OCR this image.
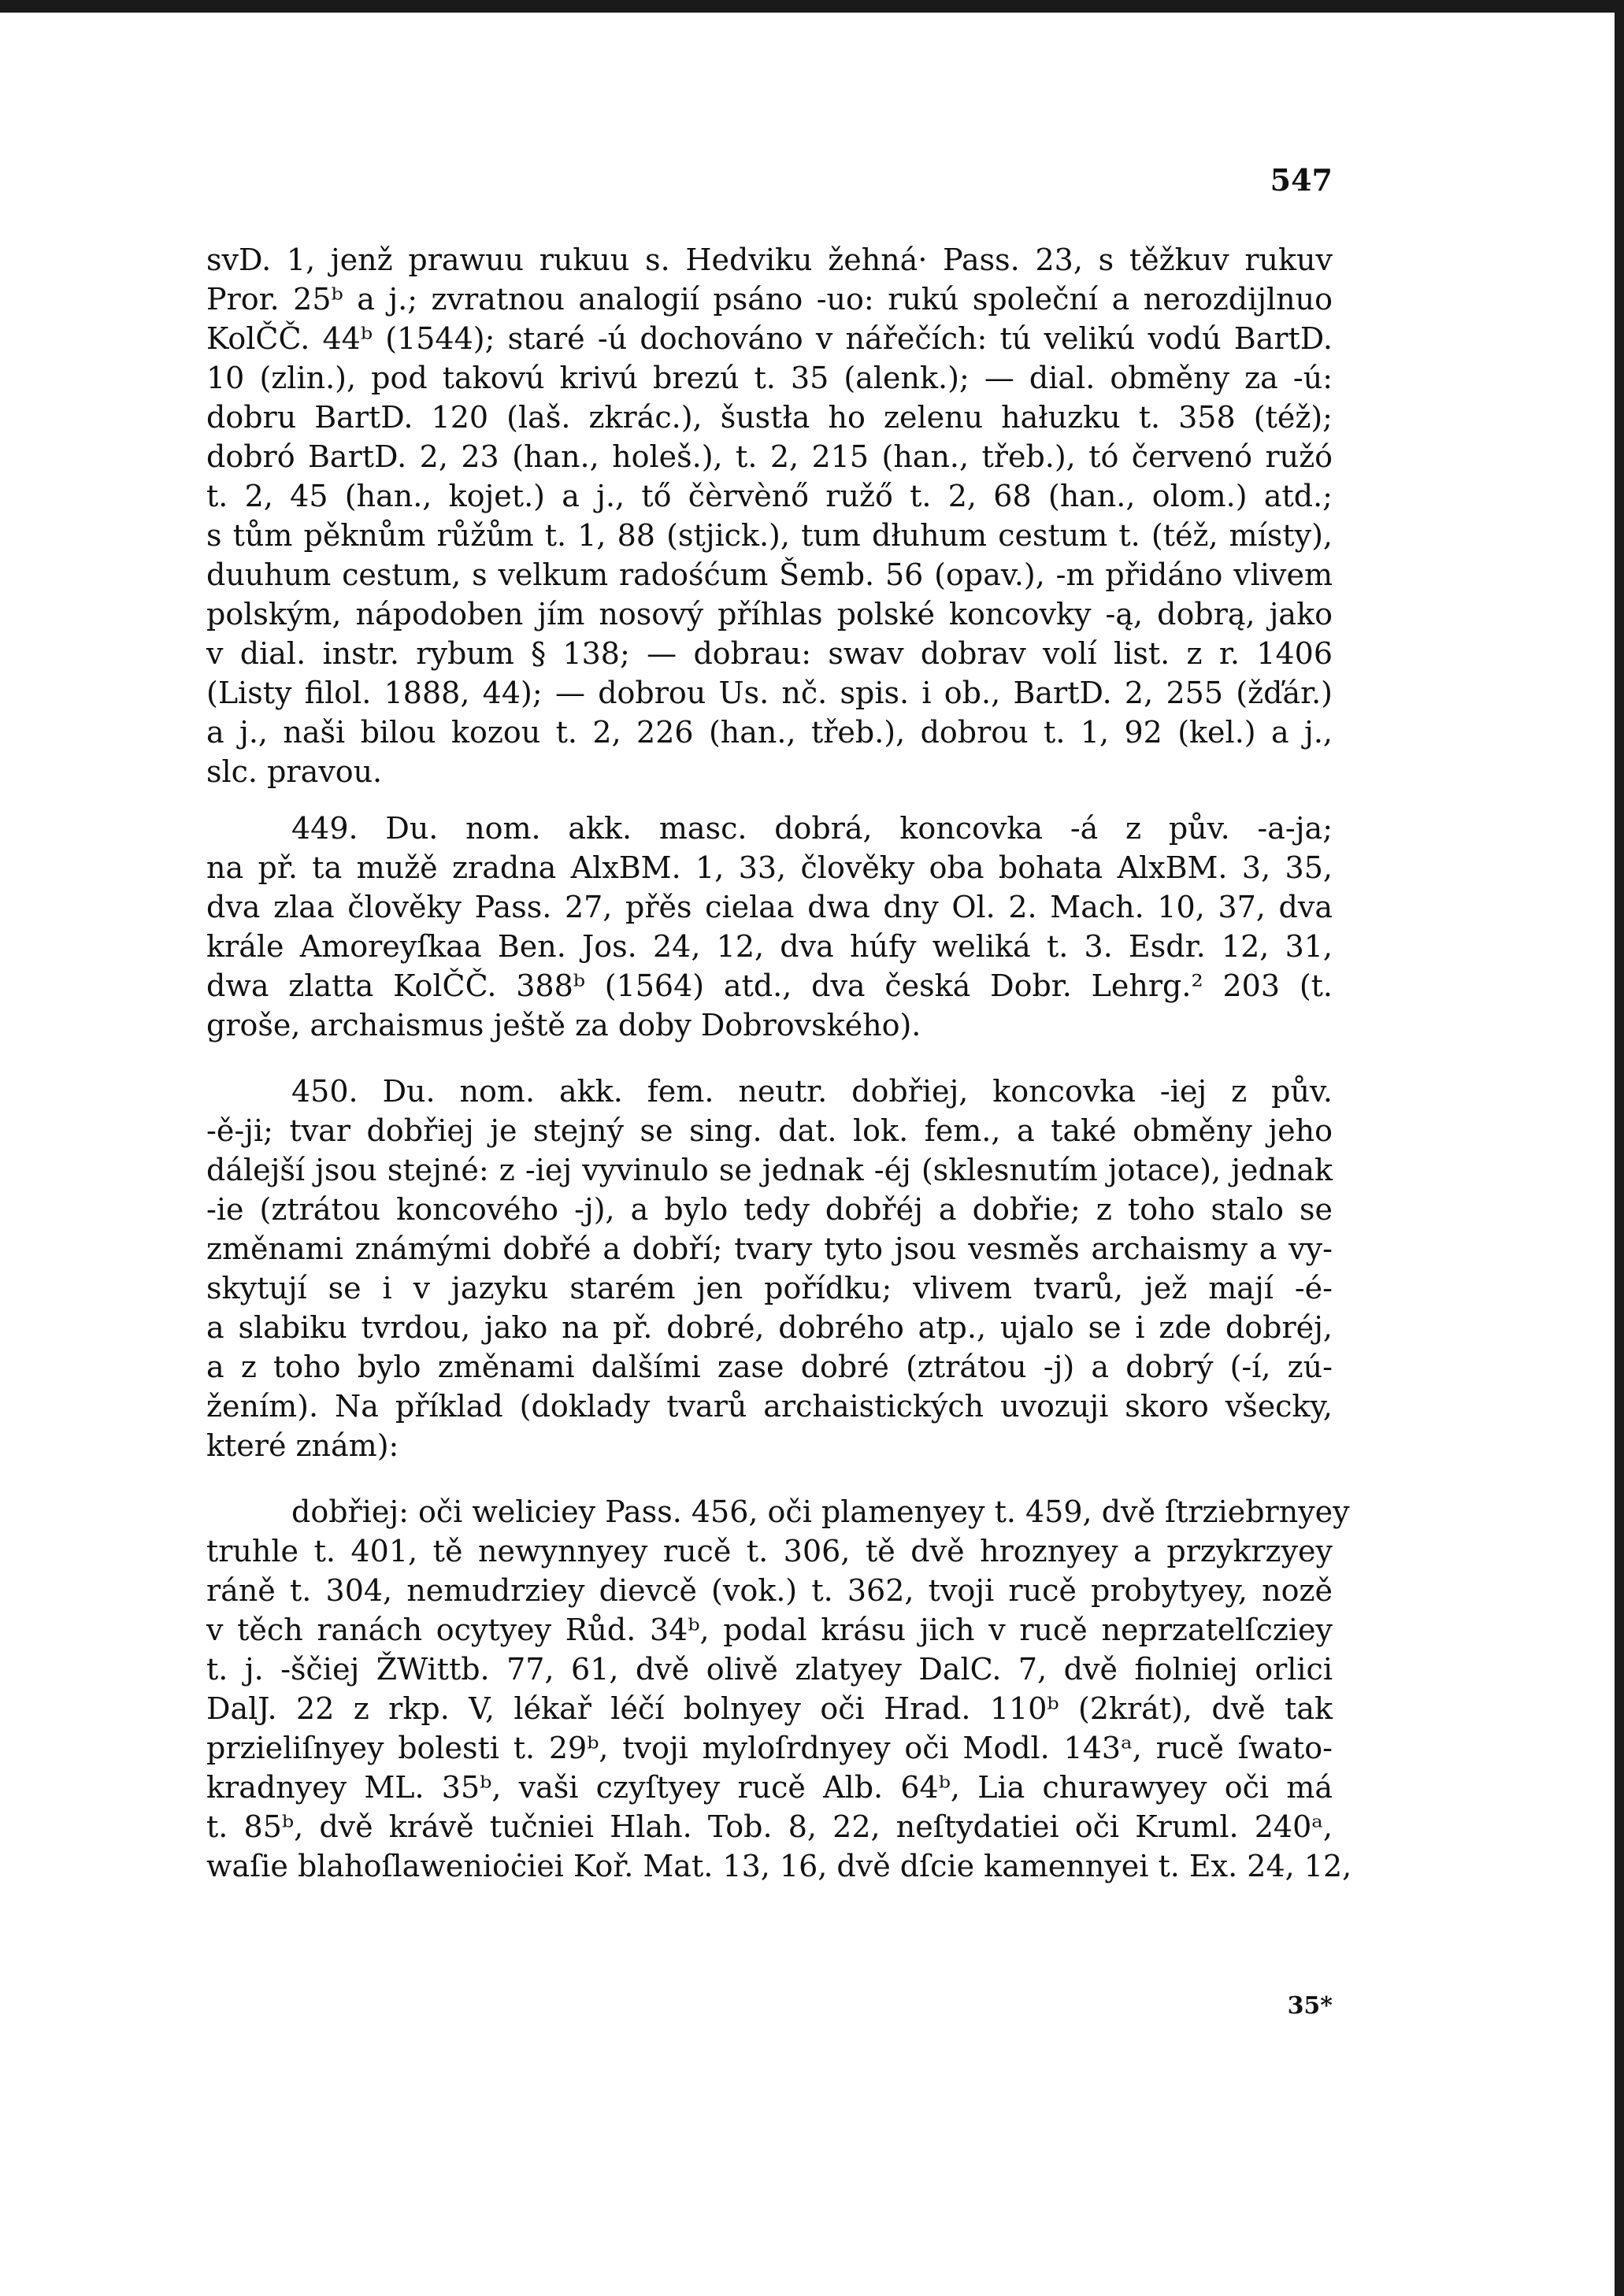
547
svD. 1, jenž prawuu rukuu s. Hedviku žehná· Pass. 23, s těžkuv rukuv
Pror. 25ᵇ a j.; zvratnou analogií psáno -uo: rukú společní a nerozdijlnuo
KolČČ. 44ᵇ (1544); staré -ú dochováno v nářečích: tú velikú vodú BartD.
10 (zlin.), pod takovú krivú brezú t. 35 (alenk.); — dial. obměny za -ú:
dobru BartD. 120 (laš. zkrác.), šustła ho zelenu hałuzku t. 358 (též);
dobró BartD. 2, 23 (han., holeš.), t. 2, 215 (han., třeb.), tó červenó ružó
t. 2, 45 (han., kojet.) a j., tő čèrvènő ružő t. 2, 68 (han., olom.) atd.;
s tům pěknům růžům t. 1, 88 (stjick.), tum dłuhum cestum t. (též, místy),
duuhum cestum, s velkum radośćum Šemb. 56 (opav.), -m přidáno vlivem
polským, nápodoben jím nosový příhlas polské koncovky -ą, dobrą, jako
v dial. instr. rybum § 138; — dobrau: swav dobrav volí list. z r. 1406
(Listy filol. 1888, 44); — dobrou Us. nč. spis. i ob., BartD. 2, 255 (žďár.)
a j., naši bilou kozou t. 2, 226 (han., třeb.), dobrou t. 1, 92 (kel.) a j.,
slc. pravou.
449. Du. nom. akk. masc. dobrá, koncovka -á z pův. -a-ja;
na př. ta mužě zradna AlxBM. 1, 33, člověky oba bohata AlxBM. 3, 35,
dva zlaa člověky Pass. 27, přěs cielaa dwa dny Ol. 2. Mach. 10, 37, dva
krále Amoreyſkaa Ben. Jos. 24, 12, dva húfy weliká t. 3. Esdr. 12, 31,
dwa zlatta KolČČ. 388ᵇ (1564) atd., dva česká Dobr. Lehrg.² 203 (t.
groše, archaismus ještě za doby Dobrovského).
450. Du. nom. akk. fem. neutr. dobřiej, koncovka -iej z pův.
-ě-ji; tvar dobřiej je stejný se sing. dat. lok. fem., a také obměny jeho
dálejší jsou stejné: z -iej vyvinulo se jednak -éj (sklesnutím jotace), jednak
-ie (ztrátou koncového -j), a bylo tedy dobřéj a dobřie; z toho stalo se
změnami známými dobřé a dobří; tvary tyto jsou vesměs archaismy a vy-
skytují se i v jazyku starém jen pořídku; vlivem tvarů, jež mají -é-
a slabiku tvrdou, jako na př. dobré, dobrého atp., ujalo se i zde dobréj,
a z toho bylo změnami dalšími zase dobré (ztrátou -j) a dobrý (-í, zú-
žením). Na příklad (doklady tvarů archaistických uvozuji skoro všecky,
které znám):
dobřiej: oči weliciey Pass. 456, oči plamenyey t. 459, dvě ſtrziebrnyey
truhle t. 401, tě newynnyey rucě t. 306, tě dvě hroznyey a przykrzyey
ráně t. 304, nemudrziey dievcě (vok.) t. 362, tvoji rucě probytyey, nozě
v těch ranách ocytyey Růd. 34ᵇ, podal krásu jich v rucě neprzatelſcziey
t. j. -ščiej ŽWittb. 77, 61, dvě olivě zlatyey DalC. 7, dvě fiolniej orlici
DalJ. 22 z rkp. V, lékař léčí bolnyey oči Hrad. 110ᵇ (2krát), dvě tak
przieliſnyey bolesti t. 29ᵇ, tvoji myloſrdnyey oči Modl. 143ᵃ, rucě ſwato-
kradnyey ML. 35ᵇ, vaši czyſtyey rucě Alb. 64ᵇ, Lia churawyey oči má
t. 85ᵇ, dvě krávě tučniei Hlah. Tob. 8, 22, neſtydatiei oči Kruml. 240ᵃ,
waſie blahoſlawenioċiei Koř. Mat. 13, 16, dvě dſcie kamennyei t. Ex. 24, 12,
35*
